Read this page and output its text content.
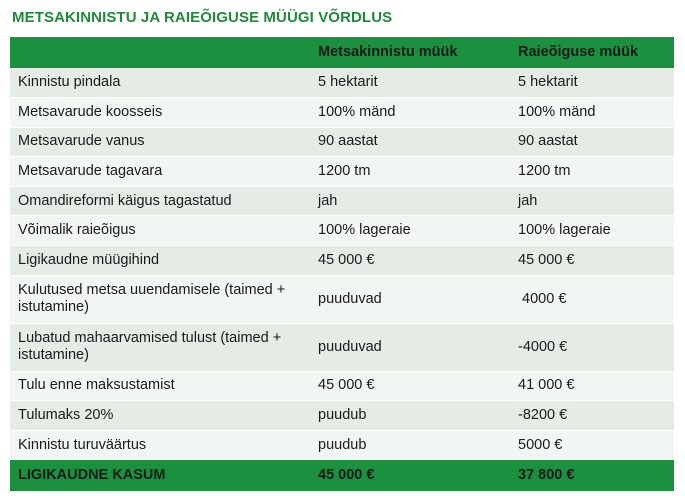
METSAKINNISTU JA RAIEÕIGUSE MÜÜGI VÕRDLUS
	Metsakinnistu müük	Raieõiguse müük
Kinnistu pindala	5 hektarit	5 hektarit
Metsavarude koosseis	100% mänd	100% mänd
Metsavarude vanus	90 aastat	90 aastat
Metsavarude tagavara	1200 tm	1200 tm
Omandireformi käigus tagastatud	jah	jah
Võimalik raieõigus	100% lageraie	100% lageraie
Ligikaudne müügihind	45 000 €	45 000 €
Kulutused metsa uuendamisele (taimed + istutamine)	puuduvad	4000 €
Lubatud mahaarvamised tulust (taimed + istutamine)	puuduvad	-4000 €
Tulu enne maksustamist	45 000 €	41 000 €
Tulumaks 20%	puudub	-8200 €
Kinnistu turuväärtus	puudub	5000 €
LIGIKAUDNE KASUM	45 000 €	37 800 €
